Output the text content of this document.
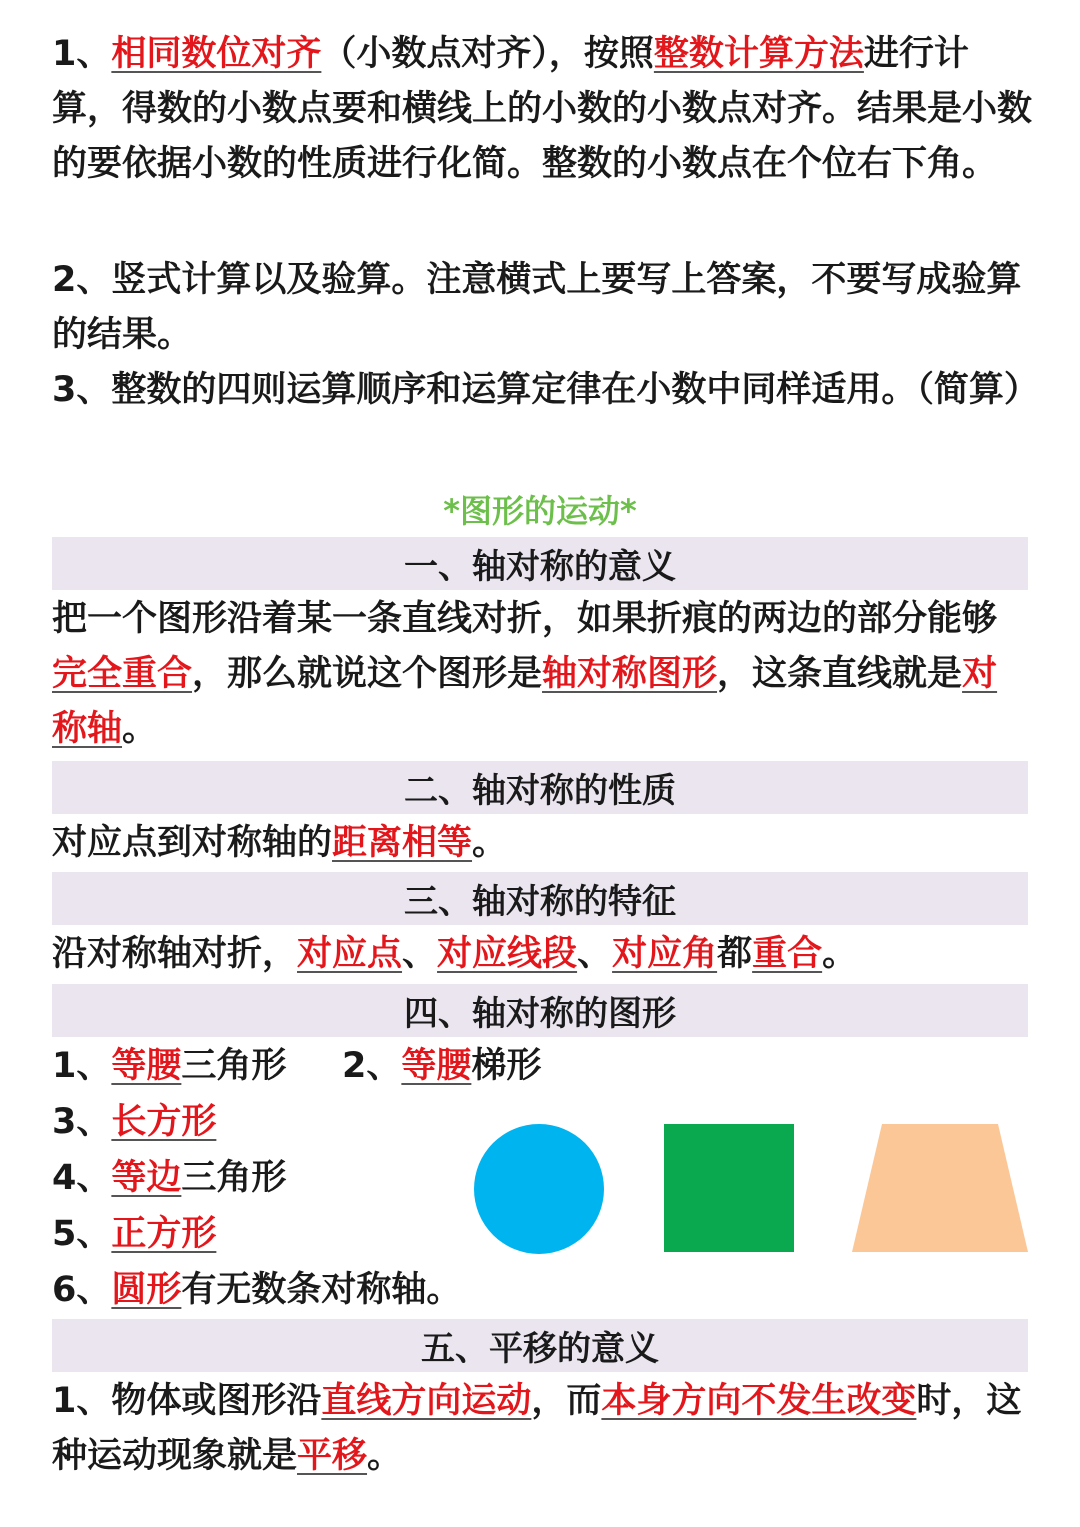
1、相同数位对齐（小数点对齐），按照整数计算方法进行计算，得数的小数点要和横线上的小数的小数点对齐。结果是小数的要依据小数的性质进行化简。整数的小数点在个位右下角。

2、竖式计算以及验算。注意横式上要写上答案，不要写成验算的结果。

3、整数的四则运算顺序和运算定律在小数中同样适用。（简算）

*图形的运动*
一、轴对称的意义

把一个图形沿着某一条直线对折，如果折痕的两边的部分能够完全重合，那么就说这个图形是轴对称图形，这条直线就是对称轴。

二、轴对称的性质

对应点到对称轴的距离相等。

三、轴对称的特征

沿对称轴对折，对应点、对应线段、对应角都重合。

四、轴对称的图形

1、等腰三角形	2、等腰梯形

3、长方形

4、等边三角形

5、正方形

6、圆形有无数条对称轴。

五、平移的意义

1、物体或图形沿直线方向运动，而本身方向不发生改变时，这种运动现象就是平移。
